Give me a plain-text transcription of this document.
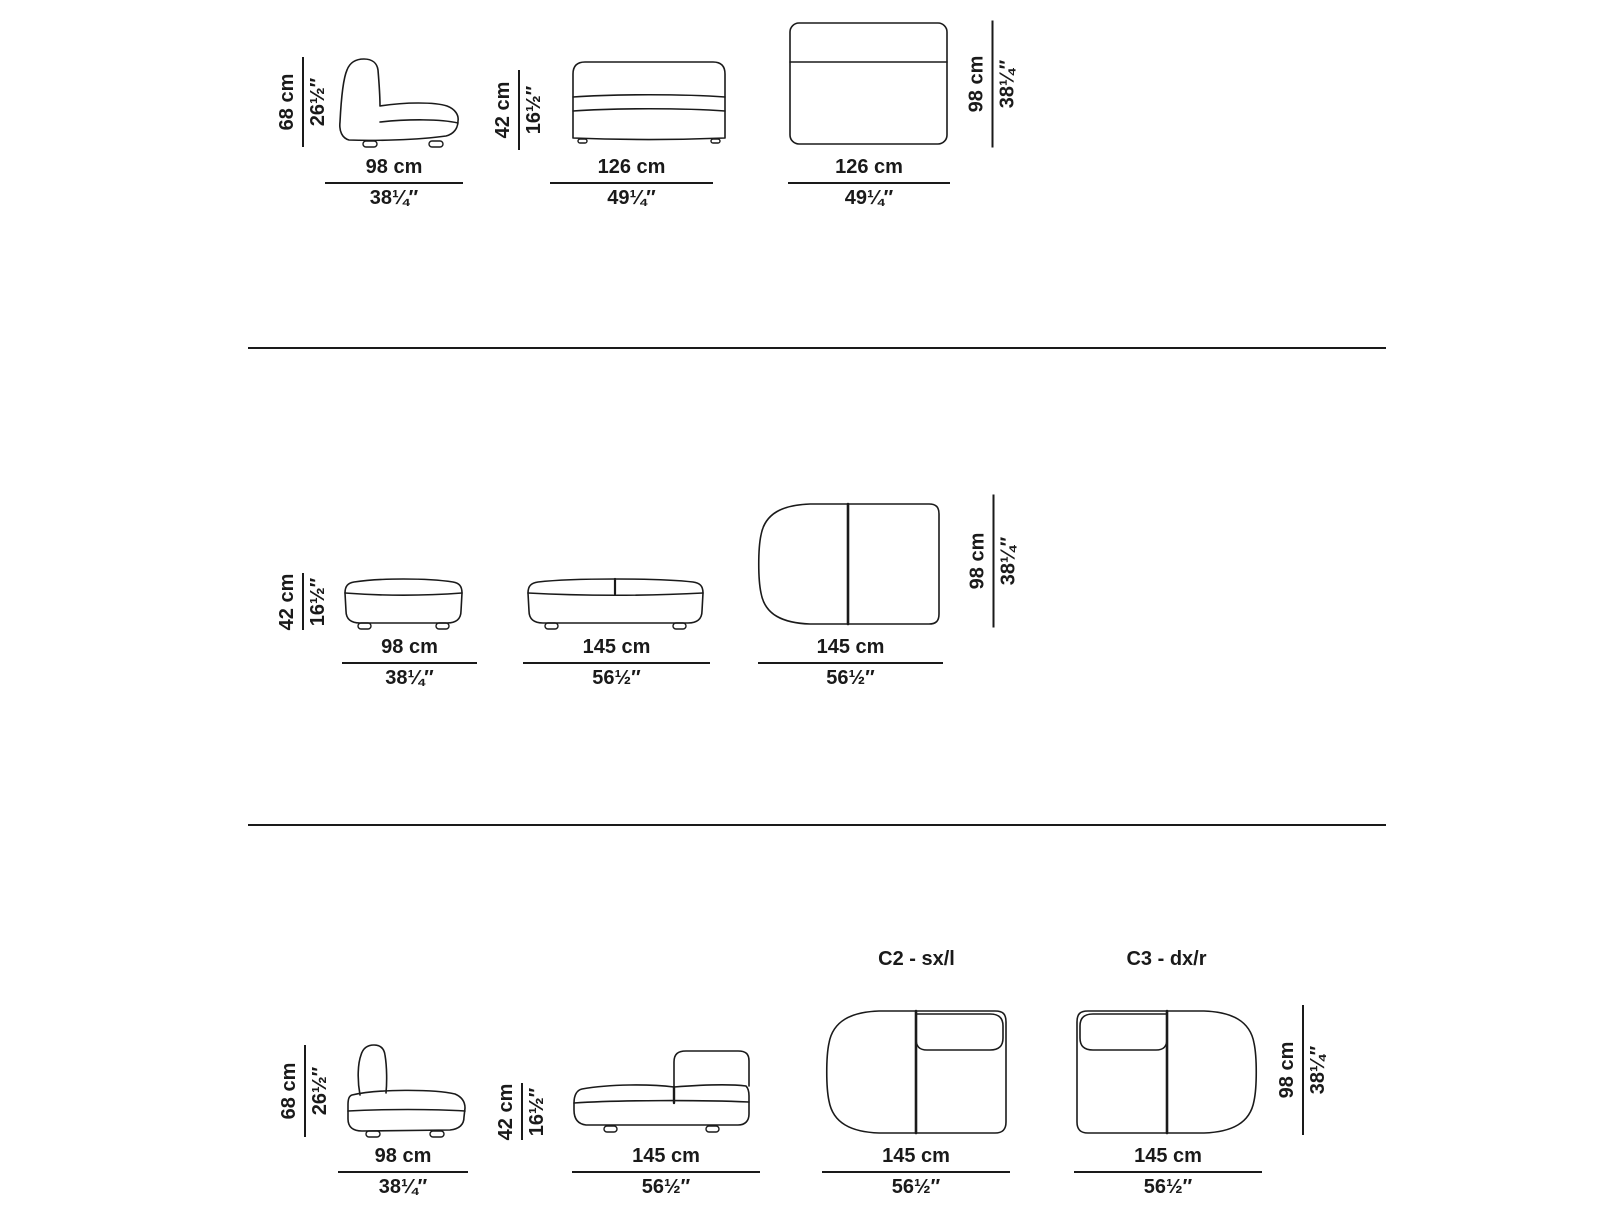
68 cm 26½″
98 cm
38¼″
42 cm 16½″
126 cm
49¼″
98 cm 38¼″
126 cm
49¼″
42 cm 16½″
98 cm
38¼″
145 cm
56½″
98 cm 38¼″
145 cm
56½″
68 cm 26½″
98 cm
38¼″
42 cm 16½″
145 cm
56½″
C2 - sx/l
145 cm
56½″
C3 - dx/r
98 cm 38¼″
145 cm
56½″
